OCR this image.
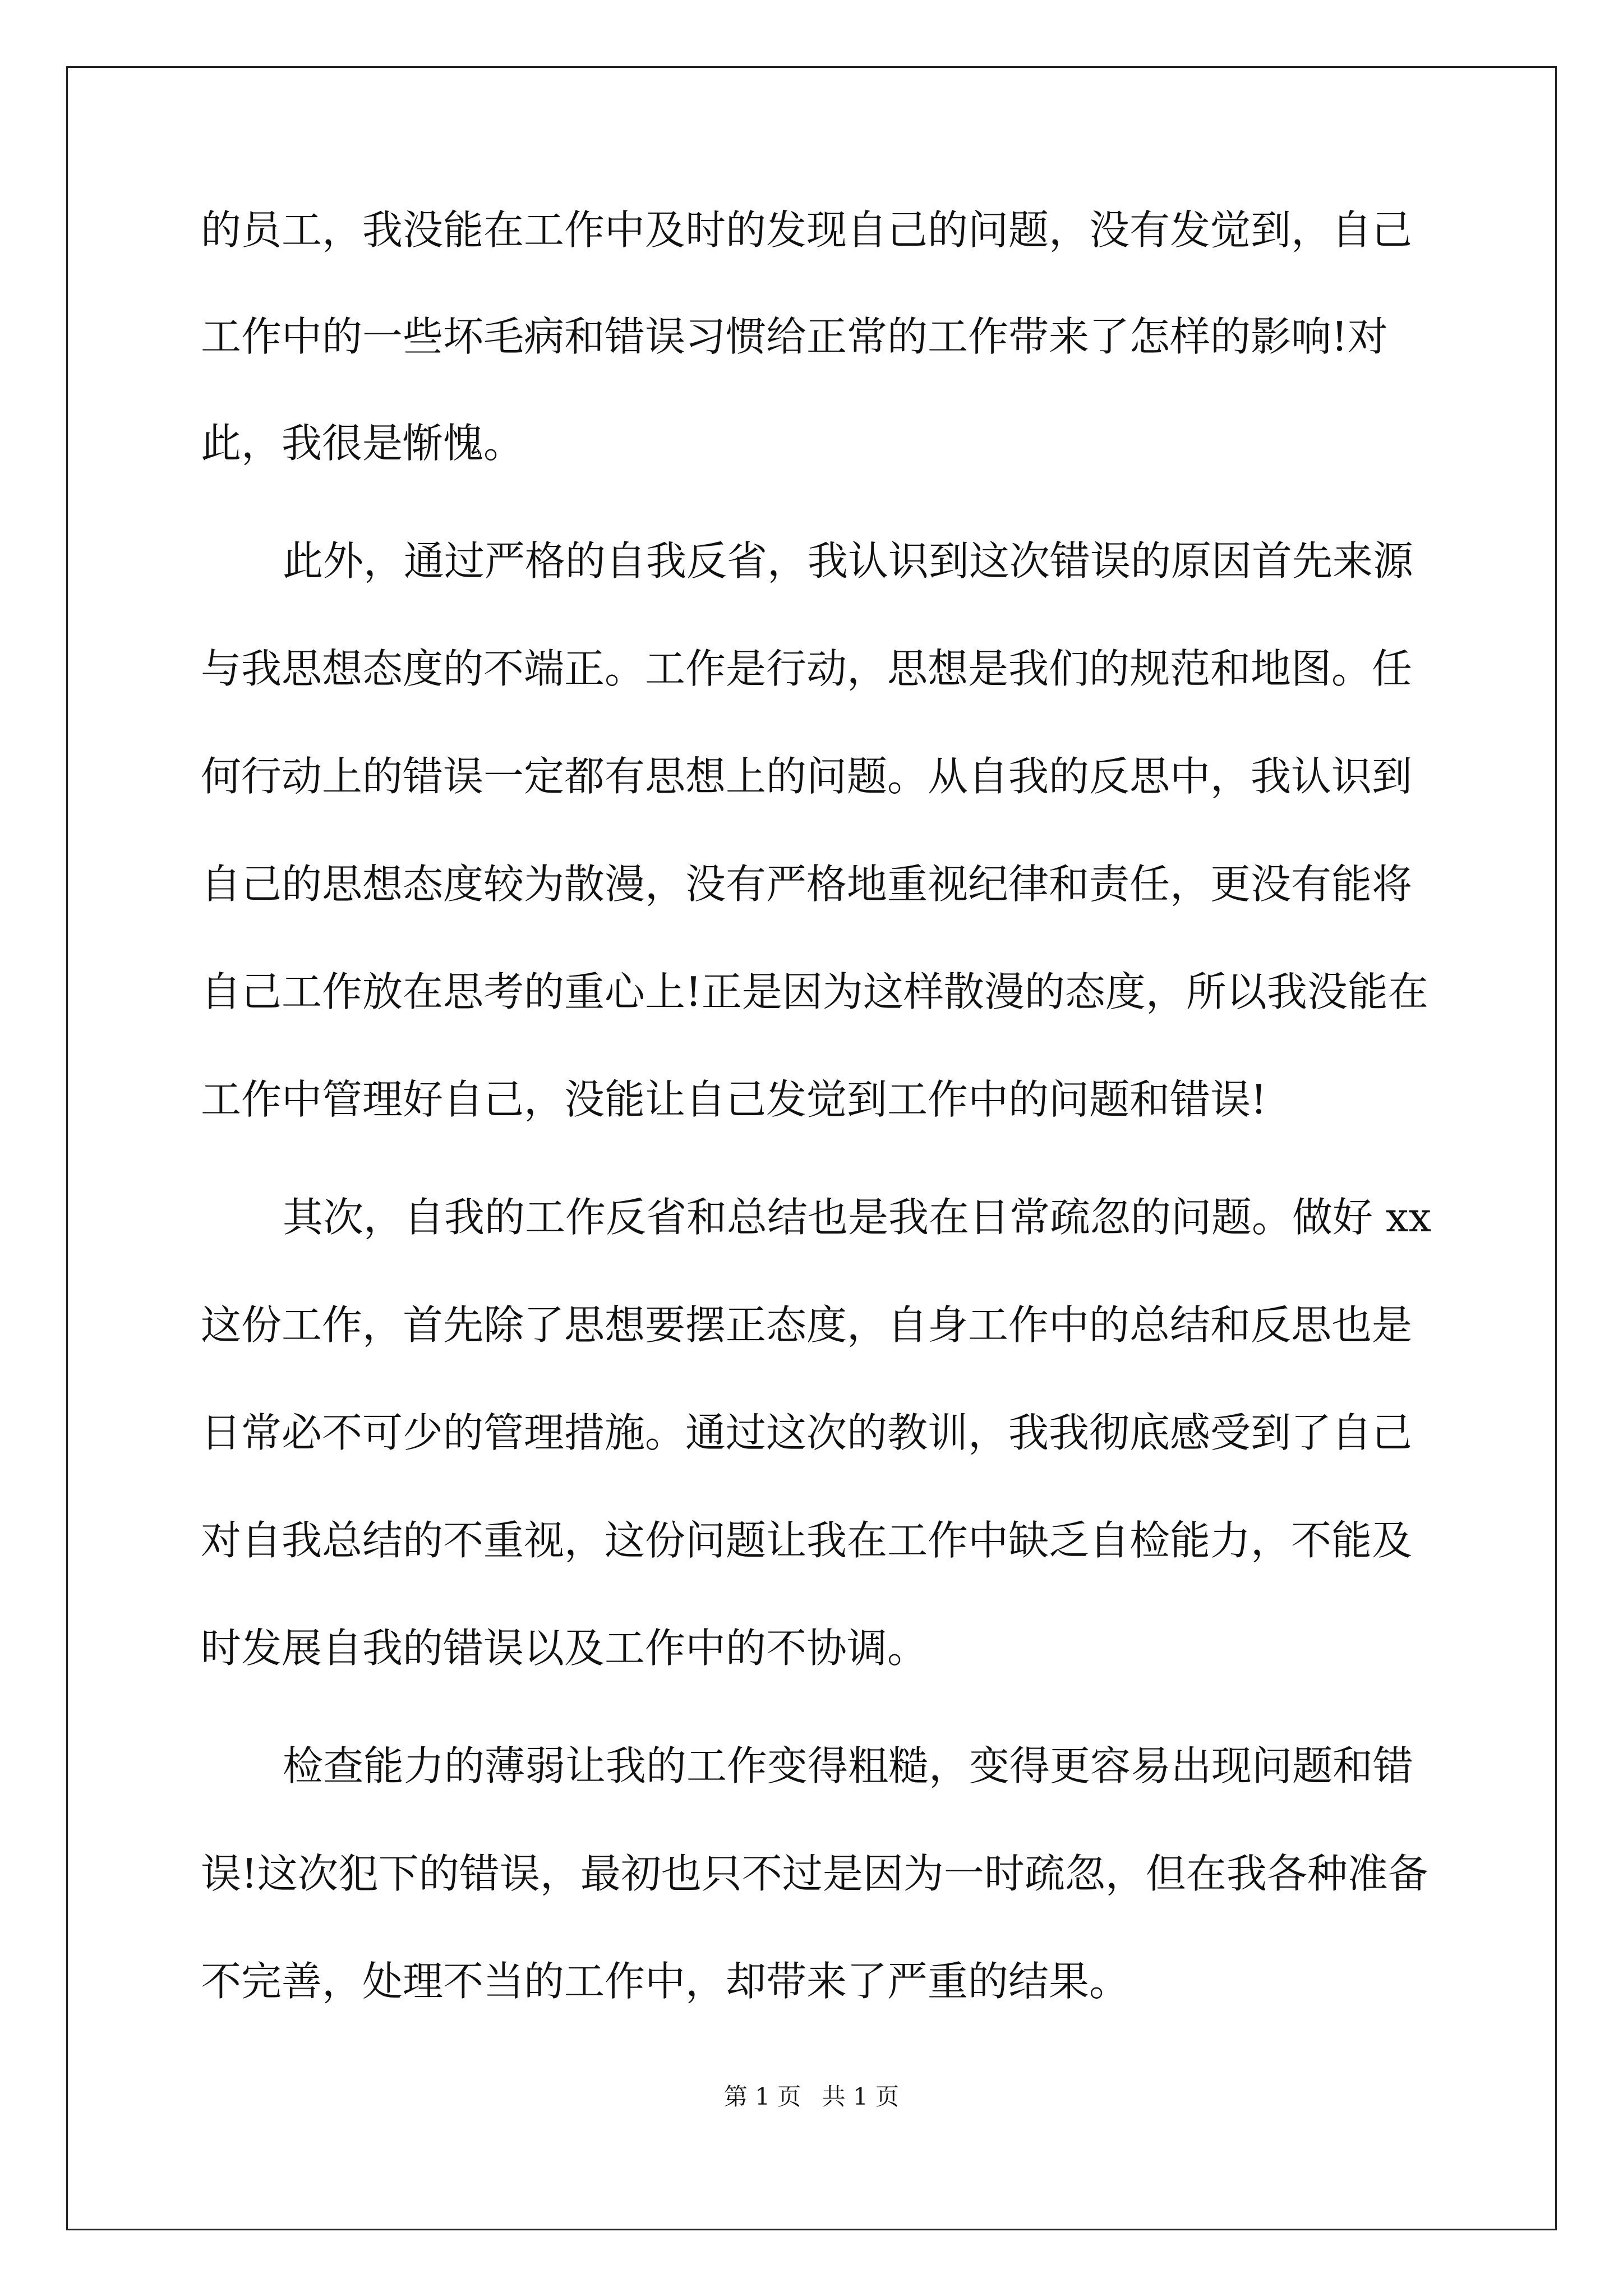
的员工，我没能在工作中及时的发现自己的问题，没有发觉到，自己
工作中的一些坏毛病和错误习惯给正常的工作带来了怎样的影响!对
此，我很是惭愧。
此外，通过严格的自我反省，我认识到这次错误的原因首先来源
与我思想态度的不端正。工作是行动，思想是我们的规范和地图。任
何行动上的错误一定都有思想上的问题。从自我的反思中，我认识到
自己的思想态度较为散漫，没有严格地重视纪律和责任，更没有能将
自己工作放在思考的重心上!正是因为这样散漫的态度，所以我没能在
工作中管理好自己，没能让自己发觉到工作中的问题和错误!
其次，自我的工作反省和总结也是我在日常疏忽的问题。做好 xx
这份工作，首先除了思想要摆正态度，自身工作中的总结和反思也是
日常必不可少的管理措施。通过这次的教训，我我彻底感受到了自己
对自我总结的不重视，这份问题让我在工作中缺乏自检能力，不能及
时发展自我的错误以及工作中的不协调。
检查能力的薄弱让我的工作变得粗糙，变得更容易出现问题和错
误!这次犯下的错误，最初也只不过是因为一时疏忽，但在我各种准备
不完善，处理不当的工作中，却带来了严重的结果。
第 1 页 共 1 页
